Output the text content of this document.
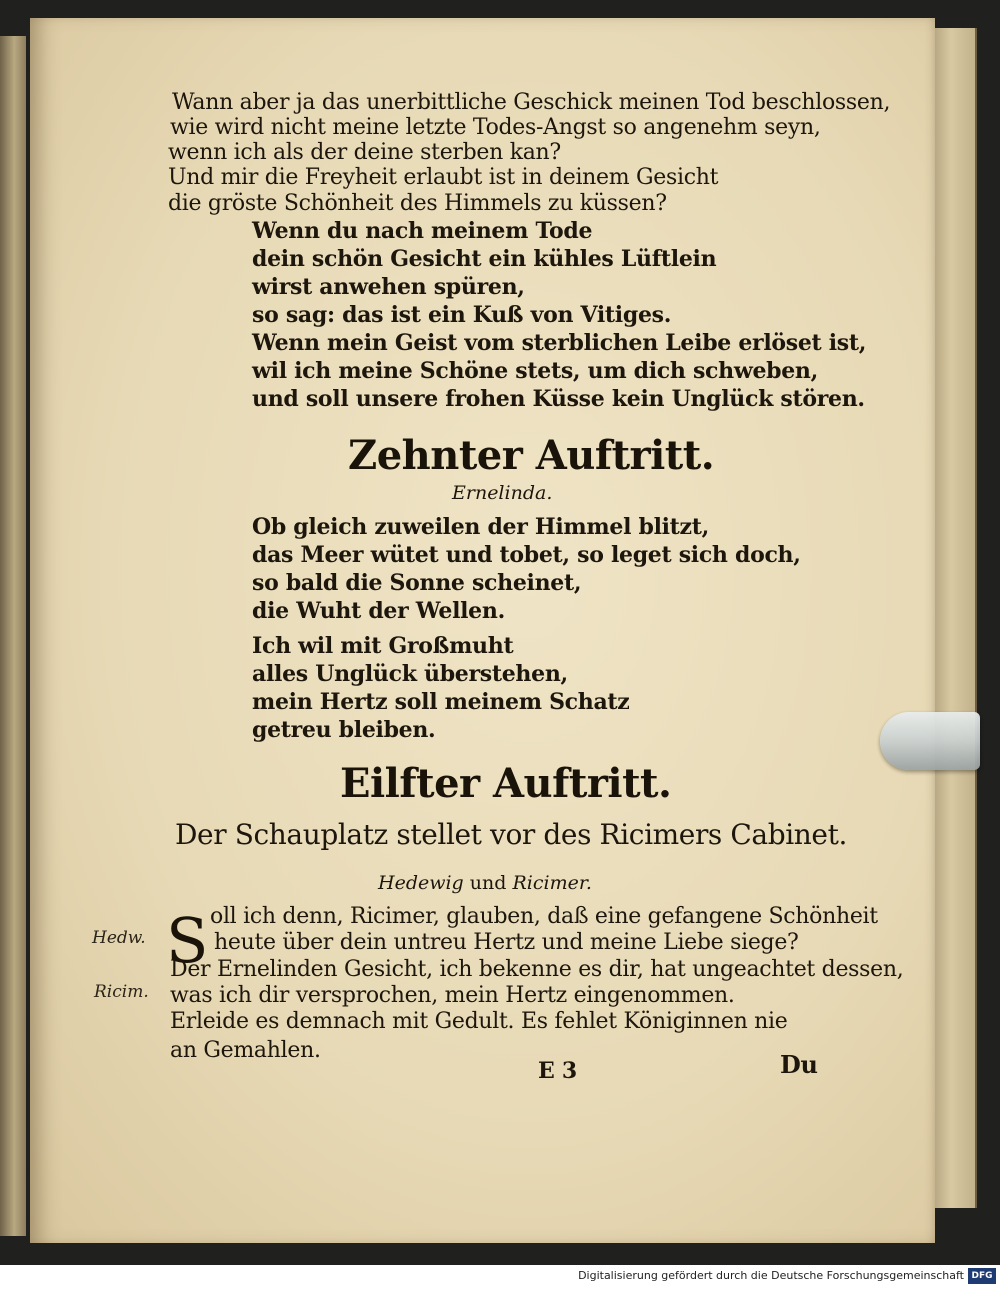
Wann aber ja das unerbittliche Geschick meinen Tod beschlossen,
wie wird nicht meine letzte Todes-Angst so angenehm seyn,
wenn ich als der deine sterben kan?
Und mir die Freyheit erlaubt ist in deinem Gesicht
die gröste Schönheit des Himmels zu küssen?
Wenn du nach meinem Tode
dein schön Gesicht ein kühles Lüftlein
wirst anwehen spüren,
so sag: das ist ein Kuß von Vitiges.
Wenn mein Geist vom sterblichen Leibe erlöset ist,
wil ich meine Schöne stets, um dich schweben,
und soll unsere frohen Küsse kein Unglück stören.
Zehnter Auftritt.
Ernelinda.
Ob gleich zuweilen der Himmel blitzt,
das Meer wütet und tobet, so leget sich doch,
so bald die Sonne scheinet,
die Wuht der Wellen.
Ich wil mit Großmuht
alles Unglück überstehen,
mein Hertz soll meinem Schatz
getreu bleiben.
Eilfter Auftritt.
Der Schauplatz stellet vor des Ricimers Cabinet.
Hedewig und Ricimer.
Hedw. S oll ich denn, Ricimer, glauben, daß eine gefangene Schönheit
heute über dein untreu Hertz und meine Liebe siege?
Ricim.
Der Ernelinden Gesicht, ich bekenne es dir, hat ungeachtet dessen,
was ich dir versprochen, mein Hertz eingenommen.
Erleide es demnach mit Gedult. Es fehlet Königinnen nie
an Gemahlen.
E 3	Du
Digitalisierung gefördert durch die Deutsche Forschungsgemeinschaft DFG
